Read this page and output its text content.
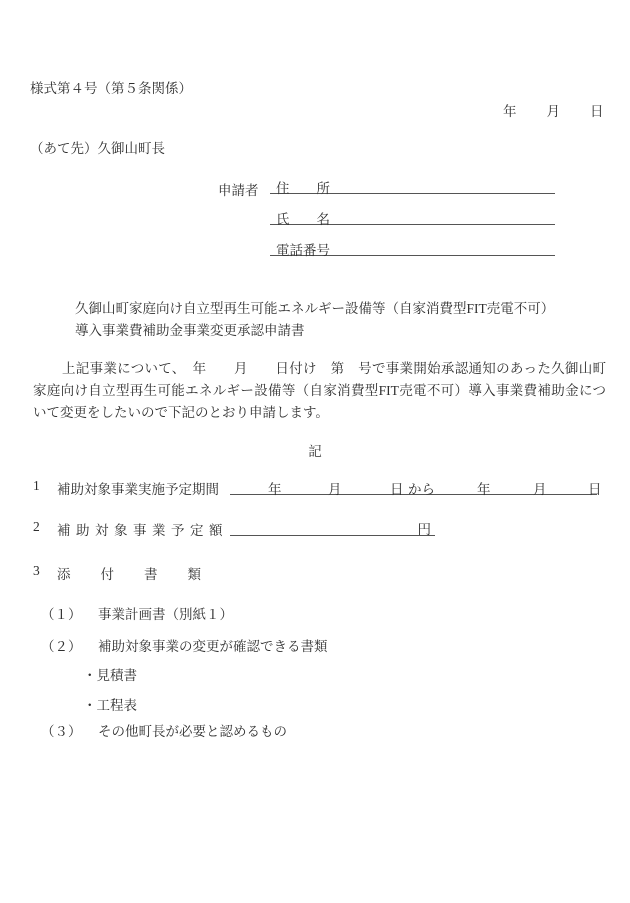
様式第４号（第５条関係）
年 月 日
（あて先）久御山町長
申請者	住　　所
氏　　名
電話番号
久御山町家庭向け自立型再生可能エネルギー設備等（自家消費型FIT売電不可）
導入事業費補助金事業変更承認申請書
上記事業について、　年　　月　　日付け　第　号で事業開始承認通知のあった久御山町家庭向け自立型再生可能エネルギー設備等（自家消費型FIT売電不可）導入事業費補助金について変更をしたいので下記のとおり申請します。
記
1 補助対象事業実施予定期間	年	月	日 から	年	月	日
2 補助対象事業予定額	円
3 添付書類
（１） 事業計画書（別紙１）
（２） 補助対象事業の変更が確認できる書類
・見積書
・工程表
（３） その他町長が必要と認めるもの
